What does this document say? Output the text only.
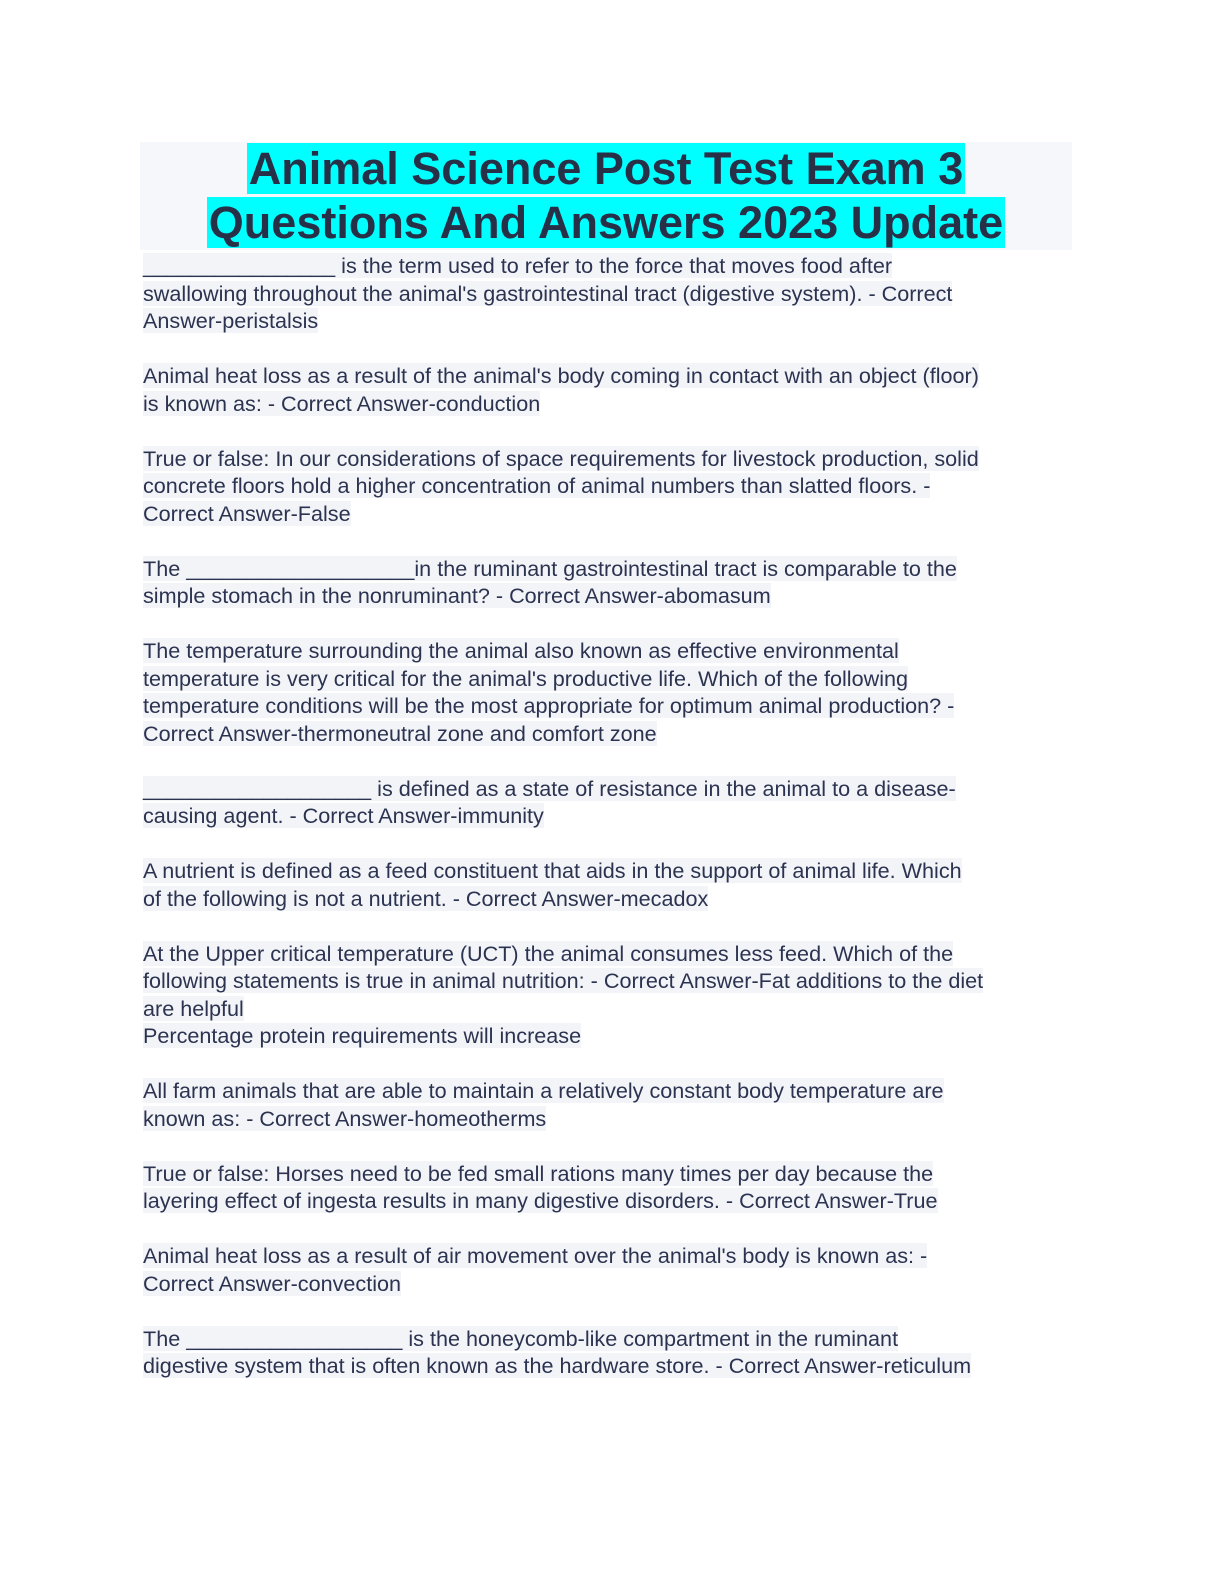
Animal Science Post Test Exam 3
Questions And Answers 2023 Update
________________ is the term used to refer to the force that moves food after
swallowing throughout the animal's gastrointestinal tract (digestive system). - Correct
Answer-peristalsis
Animal heat loss as a result of the animal's body coming in contact with an object (floor)
is known as: - Correct Answer-conduction
True or false: In our considerations of space requirements for livestock production, solid
concrete floors hold a higher concentration of animal numbers than slatted floors. -
Correct Answer-False
The ___________________in the ruminant gastrointestinal tract is comparable to the
simple stomach in the nonruminant? - Correct Answer-abomasum
The temperature surrounding the animal also known as effective environmental
temperature is very critical for the animal's productive life. Which of the following
temperature conditions will be the most appropriate for optimum animal production? -
Correct Answer-thermoneutral zone and comfort zone
___________________ is defined as a state of resistance in the animal to a disease-
causing agent. - Correct Answer-immunity
A nutrient is defined as a feed constituent that aids in the support of animal life. Which
of the following is not a nutrient. - Correct Answer-mecadox
At the Upper critical temperature (UCT) the animal consumes less feed. Which of the
following statements is true in animal nutrition: - Correct Answer-Fat additions to the diet
are helpful
Percentage protein requirements will increase
All farm animals that are able to maintain a relatively constant body temperature are
known as: - Correct Answer-homeotherms
True or false: Horses need to be fed small rations many times per day because the
layering effect of ingesta results in many digestive disorders. - Correct Answer-True
Animal heat loss as a result of air movement over the animal's body is known as: -
Correct Answer-convection
The __________________ is the honeycomb-like compartment in the ruminant
digestive system that is often known as the hardware store. - Correct Answer-reticulum
